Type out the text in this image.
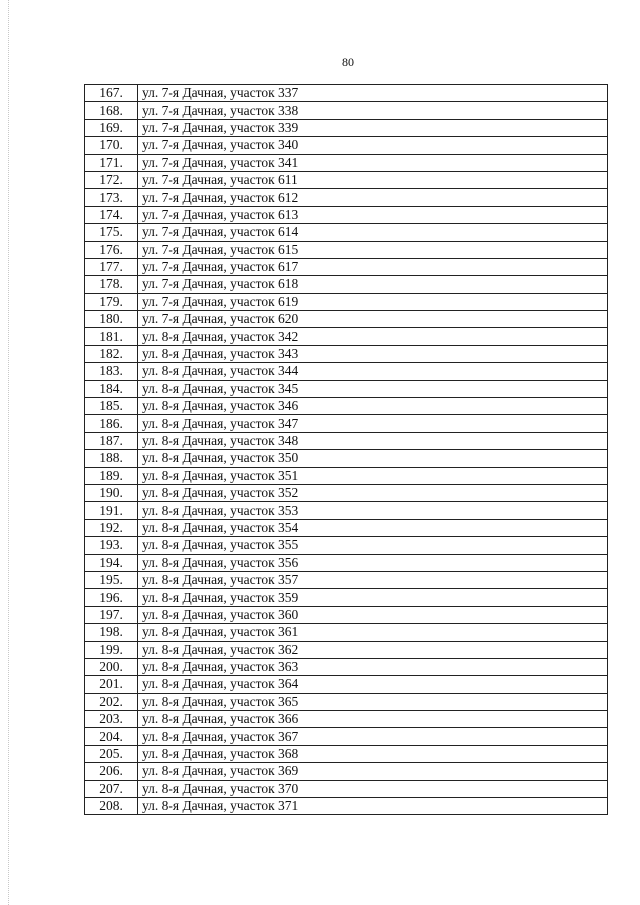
80
167.	ул. 7-я Дачная, участок 337
168.	ул. 7-я Дачная, участок 338
169.	ул. 7-я Дачная, участок 339
170.	ул. 7-я Дачная, участок 340
171.	ул. 7-я Дачная, участок 341
172.	ул. 7-я Дачная, участок 611
173.	ул. 7-я Дачная, участок 612
174.	ул. 7-я Дачная, участок 613
175.	ул. 7-я Дачная, участок 614
176.	ул. 7-я Дачная, участок 615
177.	ул. 7-я Дачная, участок 617
178.	ул. 7-я Дачная, участок 618
179.	ул. 7-я Дачная, участок 619
180.	ул. 7-я Дачная, участок 620
181.	ул. 8-я Дачная, участок 342
182.	ул. 8-я Дачная, участок 343
183.	ул. 8-я Дачная, участок 344
184.	ул. 8-я Дачная, участок 345
185.	ул. 8-я Дачная, участок 346
186.	ул. 8-я Дачная, участок 347
187.	ул. 8-я Дачная, участок 348
188.	ул. 8-я Дачная, участок 350
189.	ул. 8-я Дачная, участок 351
190.	ул. 8-я Дачная, участок 352
191.	ул. 8-я Дачная, участок 353
192.	ул. 8-я Дачная, участок 354
193.	ул. 8-я Дачная, участок 355
194.	ул. 8-я Дачная, участок 356
195.	ул. 8-я Дачная, участок 357
196.	ул. 8-я Дачная, участок 359
197.	ул. 8-я Дачная, участок 360
198.	ул. 8-я Дачная, участок 361
199.	ул. 8-я Дачная, участок 362
200.	ул. 8-я Дачная, участок 363
201.	ул. 8-я Дачная, участок 364
202.	ул. 8-я Дачная, участок 365
203.	ул. 8-я Дачная, участок 366
204.	ул. 8-я Дачная, участок 367
205.	ул. 8-я Дачная, участок 368
206.	ул. 8-я Дачная, участок 369
207.	ул. 8-я Дачная, участок 370
208.	ул. 8-я Дачная, участок 371
